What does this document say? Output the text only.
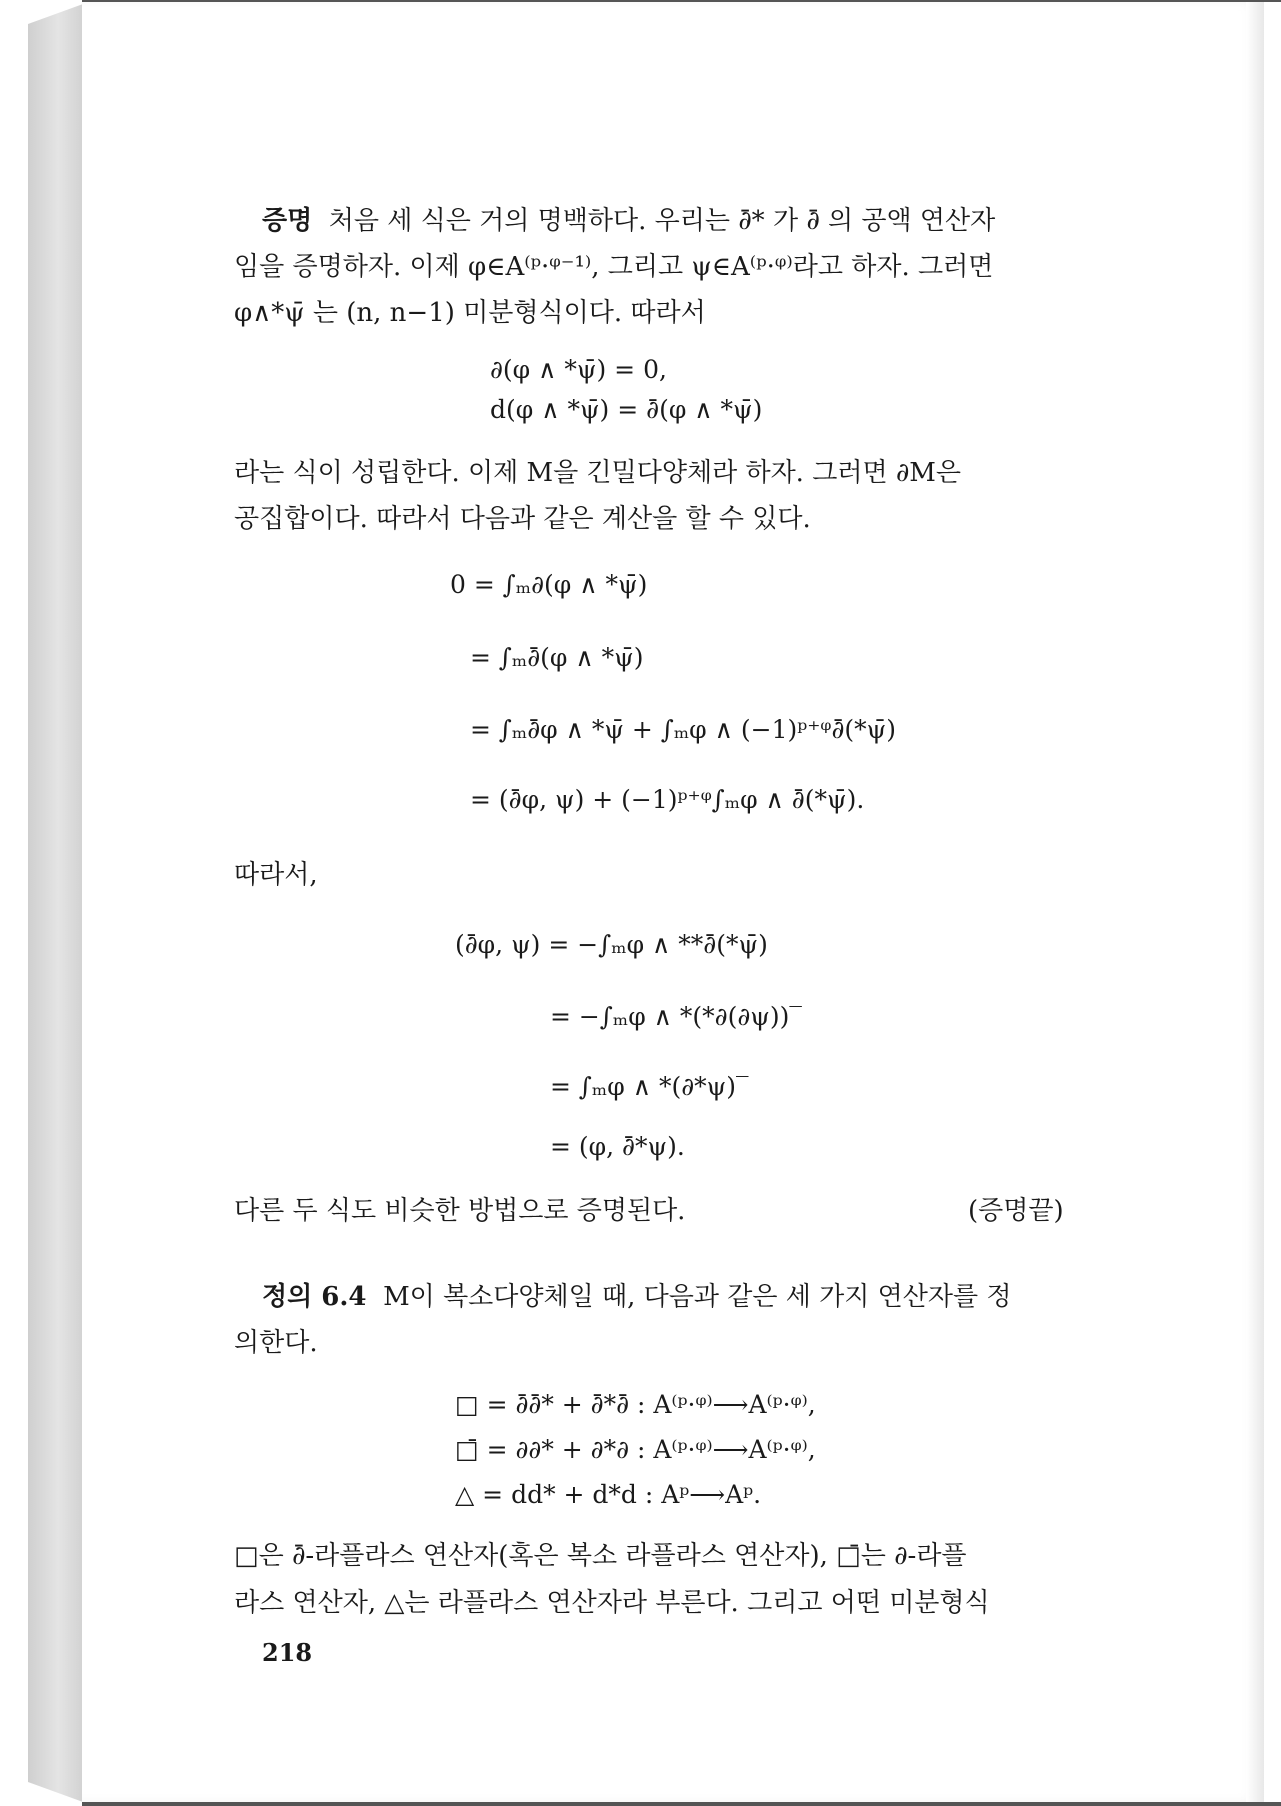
증명 처음 세 식은 거의 명백하다. 우리는 ∂̄* 가 ∂̄ 의 공액 연산자
임을 증명하자. 이제 φ∈A⁽ᵖ·ᵠ⁻¹⁾, 그리고 ψ∈A⁽ᵖ·ᵠ⁾라고 하자. 그러면
φ∧*ψ̄ 는 (n, n−1) 미분형식이다. 따라서
∂(φ ∧ *ψ̄) = 0,
d(φ ∧ *ψ̄) = ∂̄(φ ∧ *ψ̄)
라는 식이 성립한다. 이제 M을 긴밀다양체라 하자. 그러면 ∂M은
공집합이다. 따라서 다음과 같은 계산을 할 수 있다.
0 = ∫ₘ∂(φ ∧ *ψ̄)
= ∫ₘ∂̄(φ ∧ *ψ̄)
= ∫ₘ∂̄φ ∧ *ψ̄ + ∫ₘφ ∧ (−1)ᵖ⁺ᵠ∂̄(*ψ̄)
= (∂̄φ, ψ) + (−1)ᵖ⁺ᵠ∫ₘφ ∧ ∂̄(*ψ̄).
따라서,
(∂̄φ, ψ) = −∫ₘφ ∧ **∂̄(*ψ̄)
= −∫ₘφ ∧ *(*∂(∂ψ))‾
= ∫ₘφ ∧ *(∂*ψ)‾
= (φ, ∂̄*ψ).
다른 두 식도 비슷한 방법으로 증명된다.	(증명끝)
정의 6.4 M이 복소다양체일 때, 다음과 같은 세 가지 연산자를 정
의한다.
□ = ∂̄∂̄* + ∂̄*∂̄ : A⁽ᵖ·ᵠ⁾⟶A⁽ᵖ·ᵠ⁾,
□̄ = ∂∂* + ∂*∂ : A⁽ᵖ·ᵠ⁾⟶A⁽ᵖ·ᵠ⁾,
△ = dd* + d*d : Aᵖ⟶Aᵖ.
□은 ∂̄-라플라스 연산자(혹은 복소 라플라스 연산자), □̄는 ∂-라플
라스 연산자, △는 라플라스 연산자라 부른다. 그리고 어떤 미분형식
218
